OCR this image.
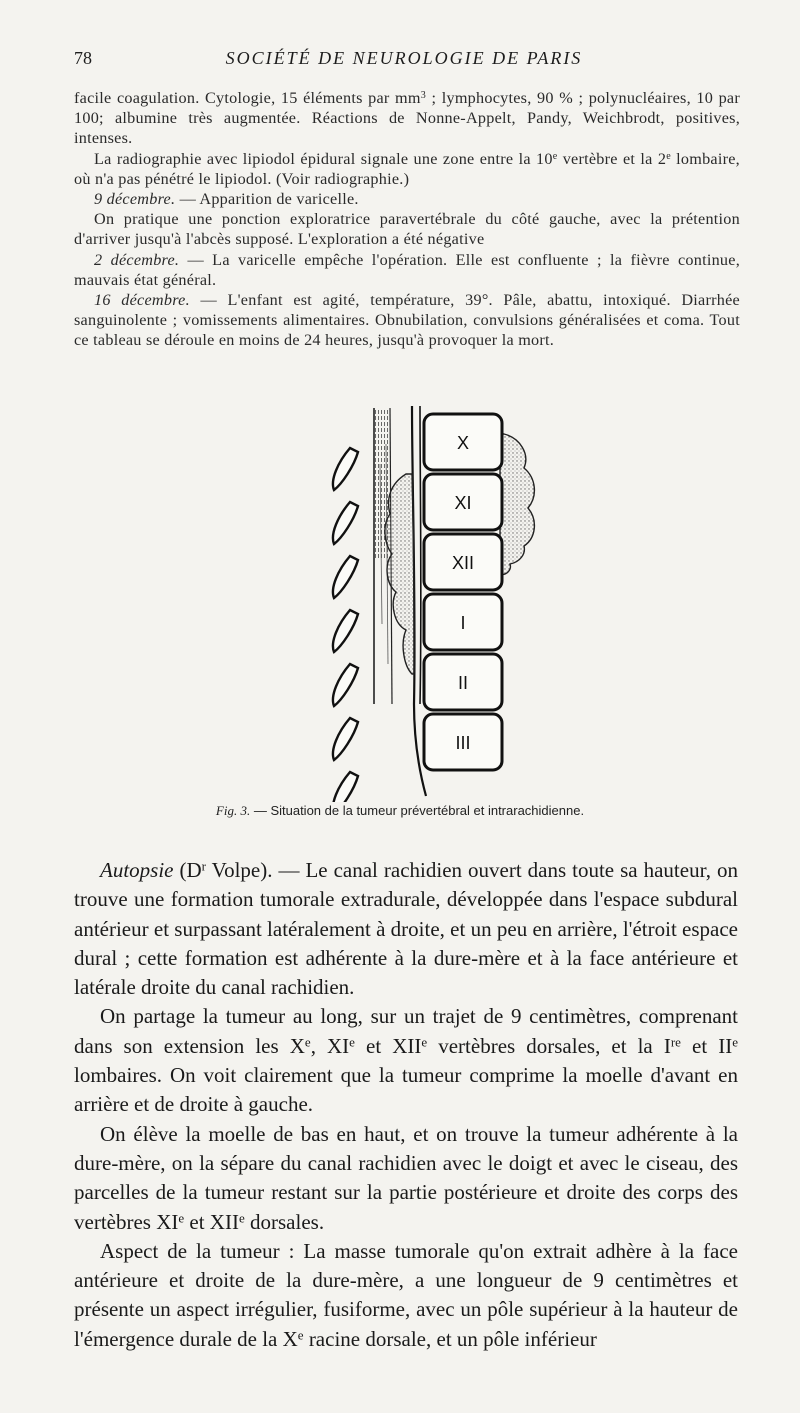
78	SOCIÉTÉ DE NEUROLOGIE DE PARIS

facile coagulation. Cytologie, 15 éléments par $mm^3$ ; lymphocytes, 90 % ; polynucléaires, 10 par 100; albumine très augmentée. Réactions de Nonne-Appelt, Pandy, Weichbrodt, positives, intenses.

La radiographie avec lipiodol épidural signale une zone entre la 10e vertèbre et la 2e lombaire, où n'a pas pénétré le lipiodol. (Voir radiographie.)

9 décembre. — Apparition de varicelle.

On pratique une ponction exploratrice paravertébrale du côté gauche, avec la prétention d'arriver jusqu'à l'abcès supposé. L'exploration a été négative

2 décembre. — La varicelle empêche l'opération. Elle est confluente ; la fièvre continue, mauvais état général.

16 décembre. — L'enfant est agité, température, 39°. Pâle, abattu, intoxiqué. Diarrhée sanguinolente ; vomissements alimentaires. Obnubilation, convulsions généralisées et coma. Tout ce tableau se déroule en moins de 24 heures, jusqu'à provoquer la mort.

X
XI
XII
I
II
III
Fig. 3. — Situation de la tumeur prévertébral et intrarachidienne.

Autopsie ($D^r$ Volpe). — Le canal rachidien ouvert dans toute sa hauteur, on trouve une formation tumorale extradurale, développée dans l'espace subdural antérieur et surpassant latéralement à droite, et un peu en arrière, l'étroit espace dural ; cette formation est adhérente à la dure-mère et à la face antérieure et latérale droite du canal rachidien.

On partage la tumeur au long, sur un trajet de 9 centimètres, comprenant dans son extension les Xe, XIe et XIIe vertèbres dorsales, et la Ire et IIe lombaires. On voit clairement que la tumeur comprime la moelle d'avant en arrière et de droite à gauche.

On élève la moelle de bas en haut, et on trouve la tumeur adhérente à la dure-mère, on la sépare du canal rachidien avec le doigt et avec le ciseau, des parcelles de la tumeur restant sur la partie postérieure et droite des corps des vertèbres XIe et XIIe dorsales.

Aspect de la tumeur : La masse tumorale qu'on extrait adhère à la face antérieure et droite de la dure-mère, a une longueur de 9 centimètres et présente un aspect irrégulier, fusiforme, avec un pôle supérieur à la hauteur de l'émergence durale de la Xe racine dorsale, et un pôle inférieur
